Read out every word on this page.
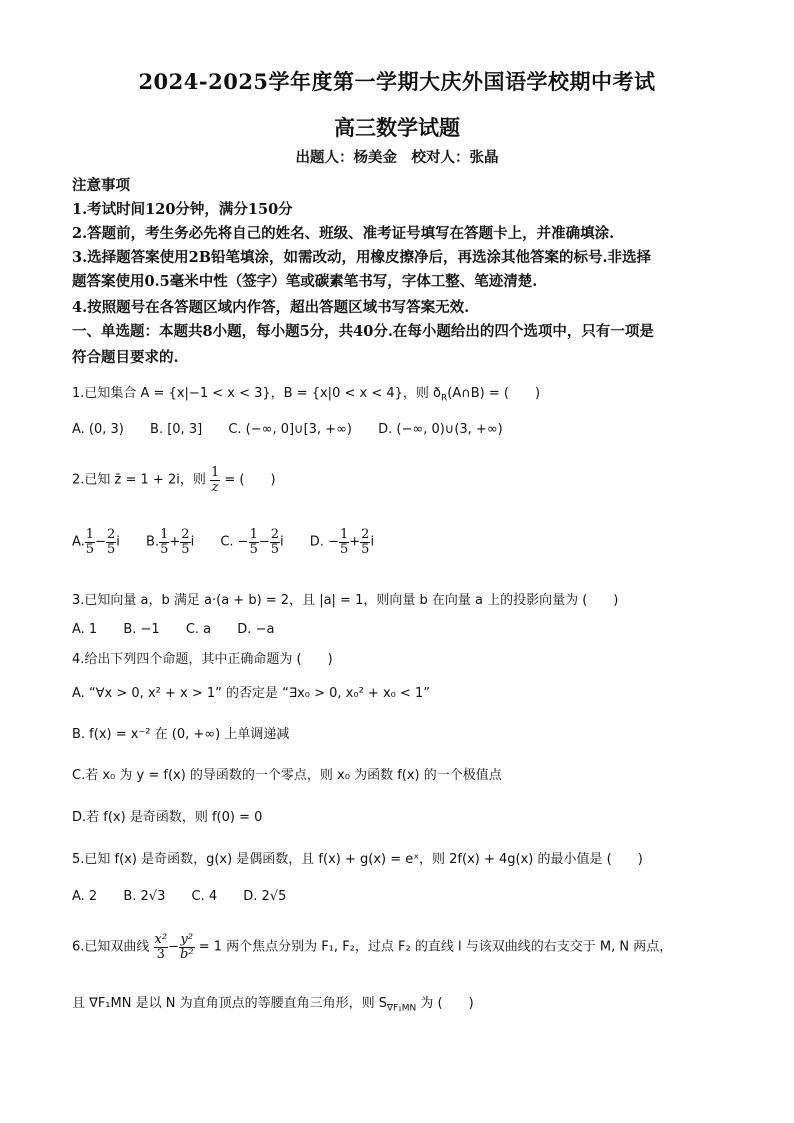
2024-2025学年度第一学期大庆外国语学校期中考试
高三数学试题
出题人：杨美金　校对人：张晶
注意事项
1.考试时间120分钟，满分150分
2.答题前，考生务必先将自己的姓名、班级、准考证号填写在答题卡上，并准确填涂.
3.选择题答案使用2B铅笔填涂，如需改动，用橡皮擦净后，再选涂其他答案的标号.非选择
题答案使用0.5毫米中性（签字）笔或碳素笔书写，字体工整、笔迹清楚.
4.按照题号在各答题区域内作答，超出答题区域书写答案无效.
一、单选题：本题共8小题，每小题5分，共40分.在每小题给出的四个选项中，只有一项是
符合题目要求的.
1.已知集合 A = {x|−1 < x < 3}，B = {x|0 < x < 4}，则 $ð_R(A\cap B)$ = (　　)
A. (0, 3) B. [0, 3] C. (−∞, 0]∪[3, +∞) D. (−∞, 0)∪(3, +∞)
2.已知 z̄ = 1 + 2i，则 $\frac{1}{z}$ = (　　)
A. $\frac{1}{5} - \frac{2}{5}$ i B. $\frac{1}{5} + \frac{2}{5}$ i C. − $\frac{1}{5} - \frac{2}{5}$ i D. − $\frac{1}{5} + \frac{2}{5}$ i
3.已知向量 a，b 满足 a·(a + b) = 2，且 |a| = 1，则向量 b 在向量 a 上的投影向量为 (　　)
A. 1 B. −1 C. a D. −a
4.给出下列四个命题，其中正确命题为 (　　)
A. “∀x > 0, x² + x > 1” 的否定是 “∃x₀ > 0, x₀² + x₀ < 1”
B. f(x) = x⁻² 在 (0, +∞) 上单调递减
C.若 x₀ 为 y = f(x) 的导函数的一个零点，则 x₀ 为函数 f(x) 的一个极值点
D.若 f(x) 是奇函数，则 f(0) = 0
5.已知 f(x) 是奇函数，g(x) 是偶函数，且 f(x) + g(x) = eˣ，则 2f(x) + 4g(x) 的最小值是 (　　)
A. 2 B. 2√3 C. 4 D. 2√5
6.已知双曲线 $\frac{\text{x²}}{3} - \frac{\text{y²}}{\text{b²}} = 1$ 两个焦点分别为 F₁, F₂，过点 F₂ 的直线 l 与该双曲线的右支交于 M, N 两点，
且 ∇F₁MN 是以 N 为直角顶点的等腰直角三角形，则 $S_{\nabla F_1MN}$ 为 (　　)
